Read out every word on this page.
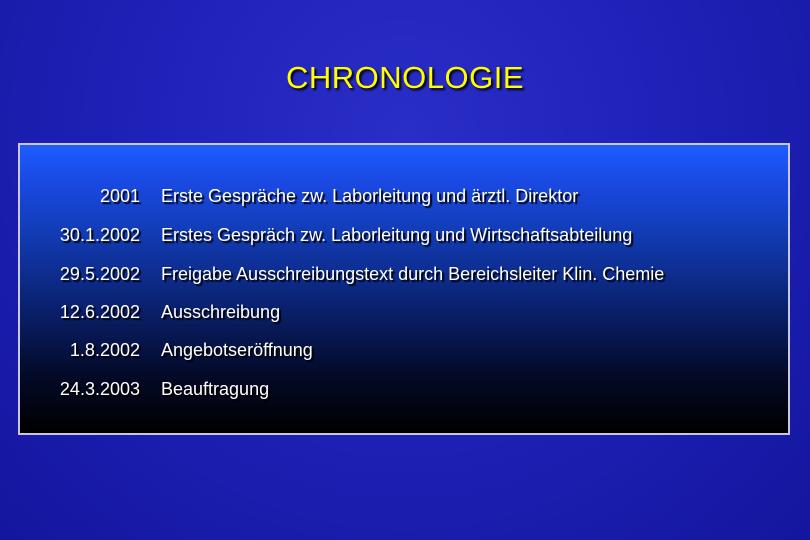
CHRONOLOGIE
2001 Erste Gespräche zw. Laborleitung und ärztl. Direktor
30.1.2002 Erstes Gespräch zw. Laborleitung und Wirtschaftsabteilung
29.5.2002 Freigabe Ausschreibungstext durch Bereichsleiter Klin. Chemie
12.6.2002 Ausschreibung
1.8.2002 Angebotseröffnung
24.3.2003 Beauftragung
